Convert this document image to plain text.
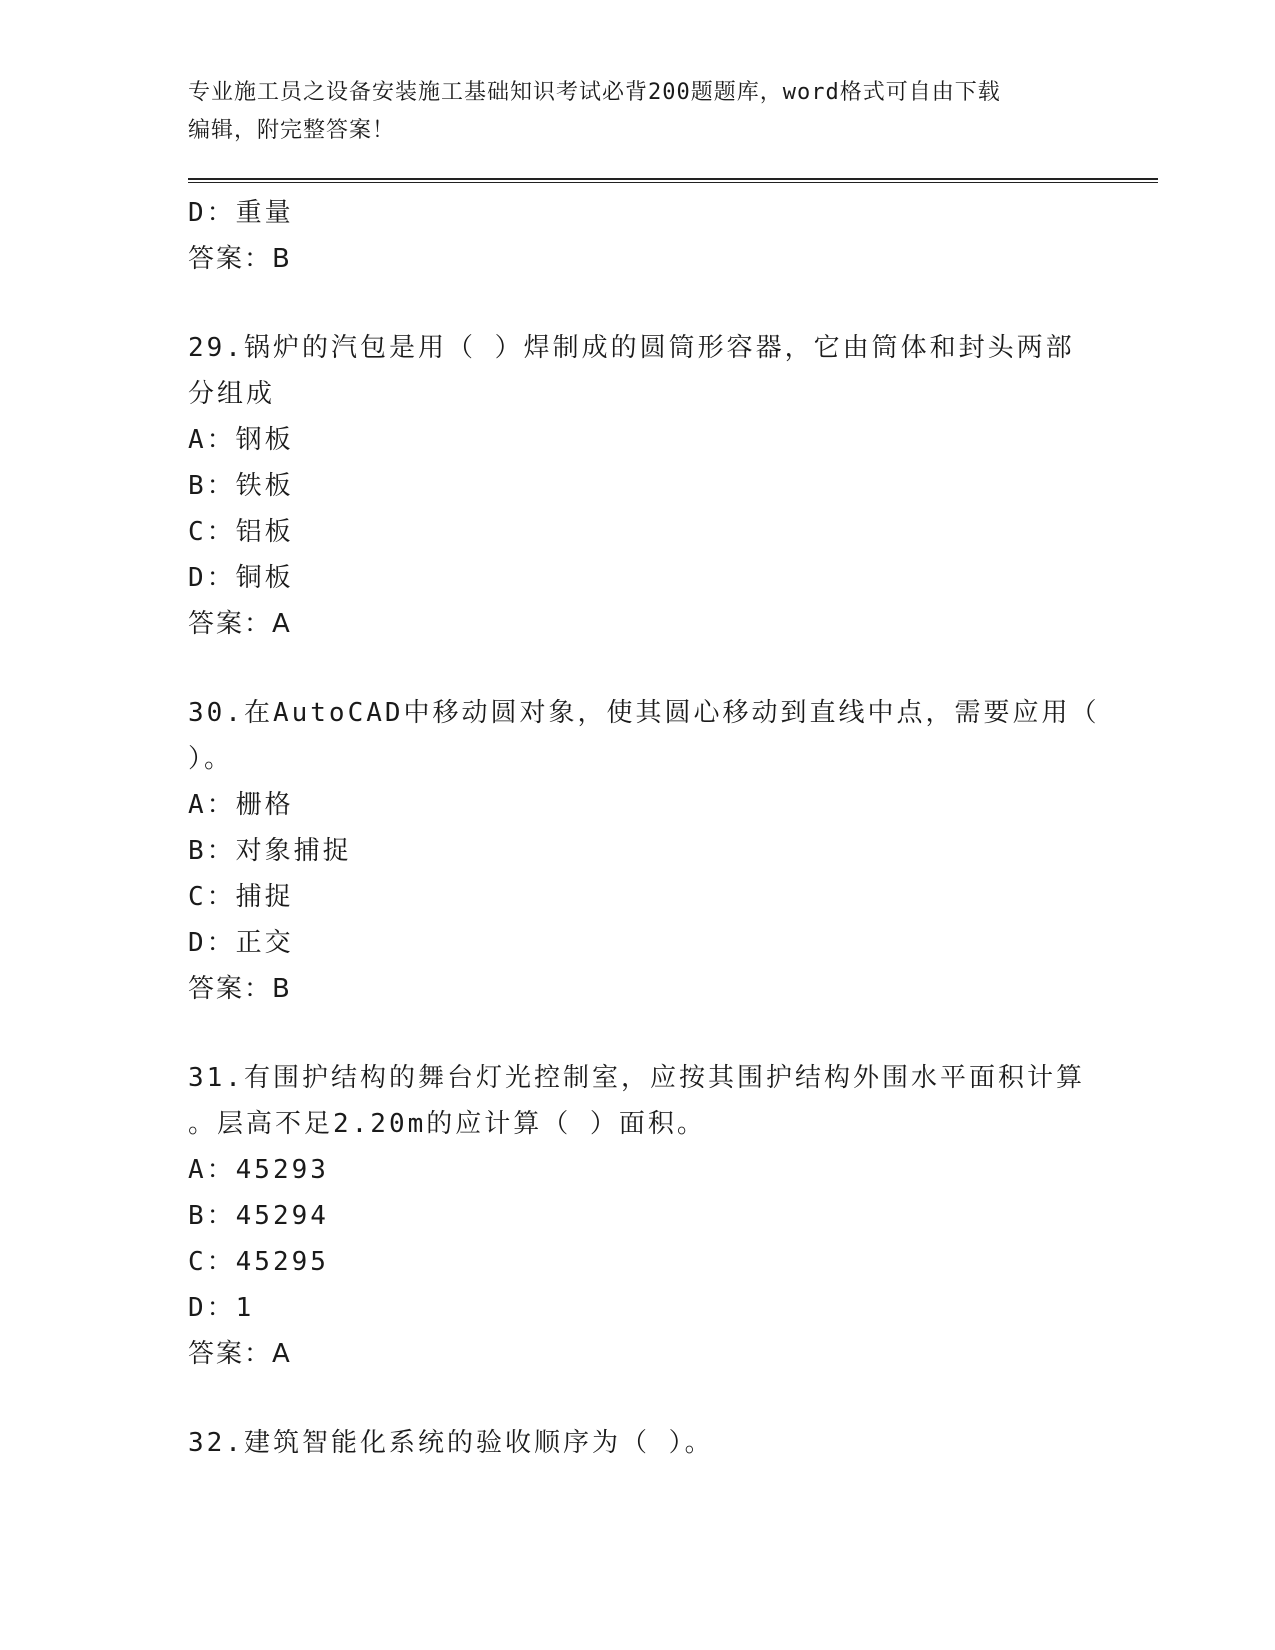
专业施工员之设备安装施工基础知识考试必背200题题库，word格式可自由下载
编辑，附完整答案！
D：重量
答案：B
29.锅炉的汽包是用（ ）焊制成的圆筒形容器，它由筒体和封头两部
分组成
A：钢板
B：铁板
C：铝板
D：铜板
答案：A
30.在AutoCAD中移动圆对象，使其圆心移动到直线中点，需要应用（
）。
A：栅格
B：对象捕捉
C：捕捉
D：正交
答案：B
31.有围护结构的舞台灯光控制室，应按其围护结构外围水平面积计算
。层高不足2.20m的应计算（ ）面积。
A：45293
B：45294
C：45295
D：1
答案：A
32.建筑智能化系统的验收顺序为（ ）。
